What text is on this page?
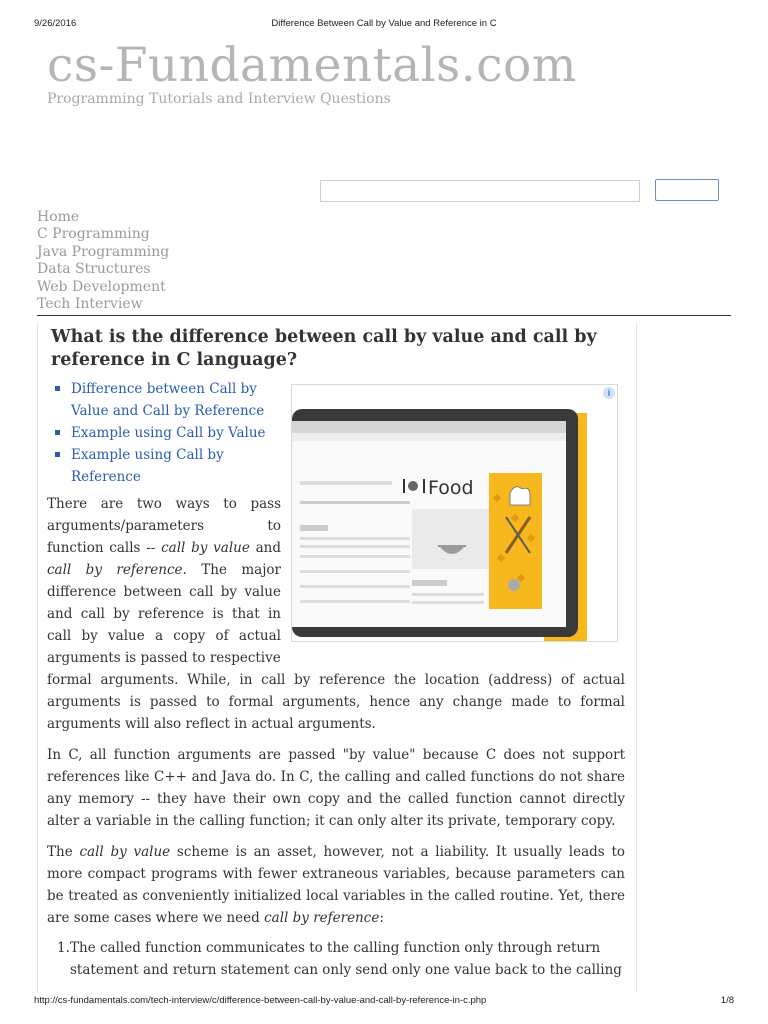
9/26/2016	Difference Between Call by Value and Reference in C
cs-Fundamentals.com
Programming Tutorials and Interview Questions
Home
C Programming
Java Programming
Data Structures
Web Development
Tech Interview
What is the difference between call by value and call by reference in C language?
Difference between Call by Value and Call by Reference
Example using Call by Value
Example using Call by Reference	Food
i

There are two ways to pass arguments/parameters to function calls -- call by value and call by reference. The major difference between call by value and call by reference is that in call by value a copy of actual arguments is passed to respective

formal arguments. While, in call by reference the location (address) of actual arguments is passed to formal arguments, hence any change made to formal arguments will also reflect in actual arguments.

In C, all function arguments are passed "by value" because C does not support references like C++ and Java do. In C, the calling and called functions do not share any memory -- they have their own copy and the called function cannot directly alter a variable in the calling function; it can only alter its private, temporary copy.

The call by value scheme is an asset, however, not a liability. It usually leads to more compact programs with fewer extraneous variables, because parameters can be treated as conveniently initialized local variables in the called routine. Yet, there are some cases where we need call by reference:

1. The called function communicates to the calling function only through return statement and return statement can only send only one value back to the calling
http://cs-fundamentals.com/tech-interview/c/difference-between-call-by-value-and-call-by-reference-in-c.php	1/8
